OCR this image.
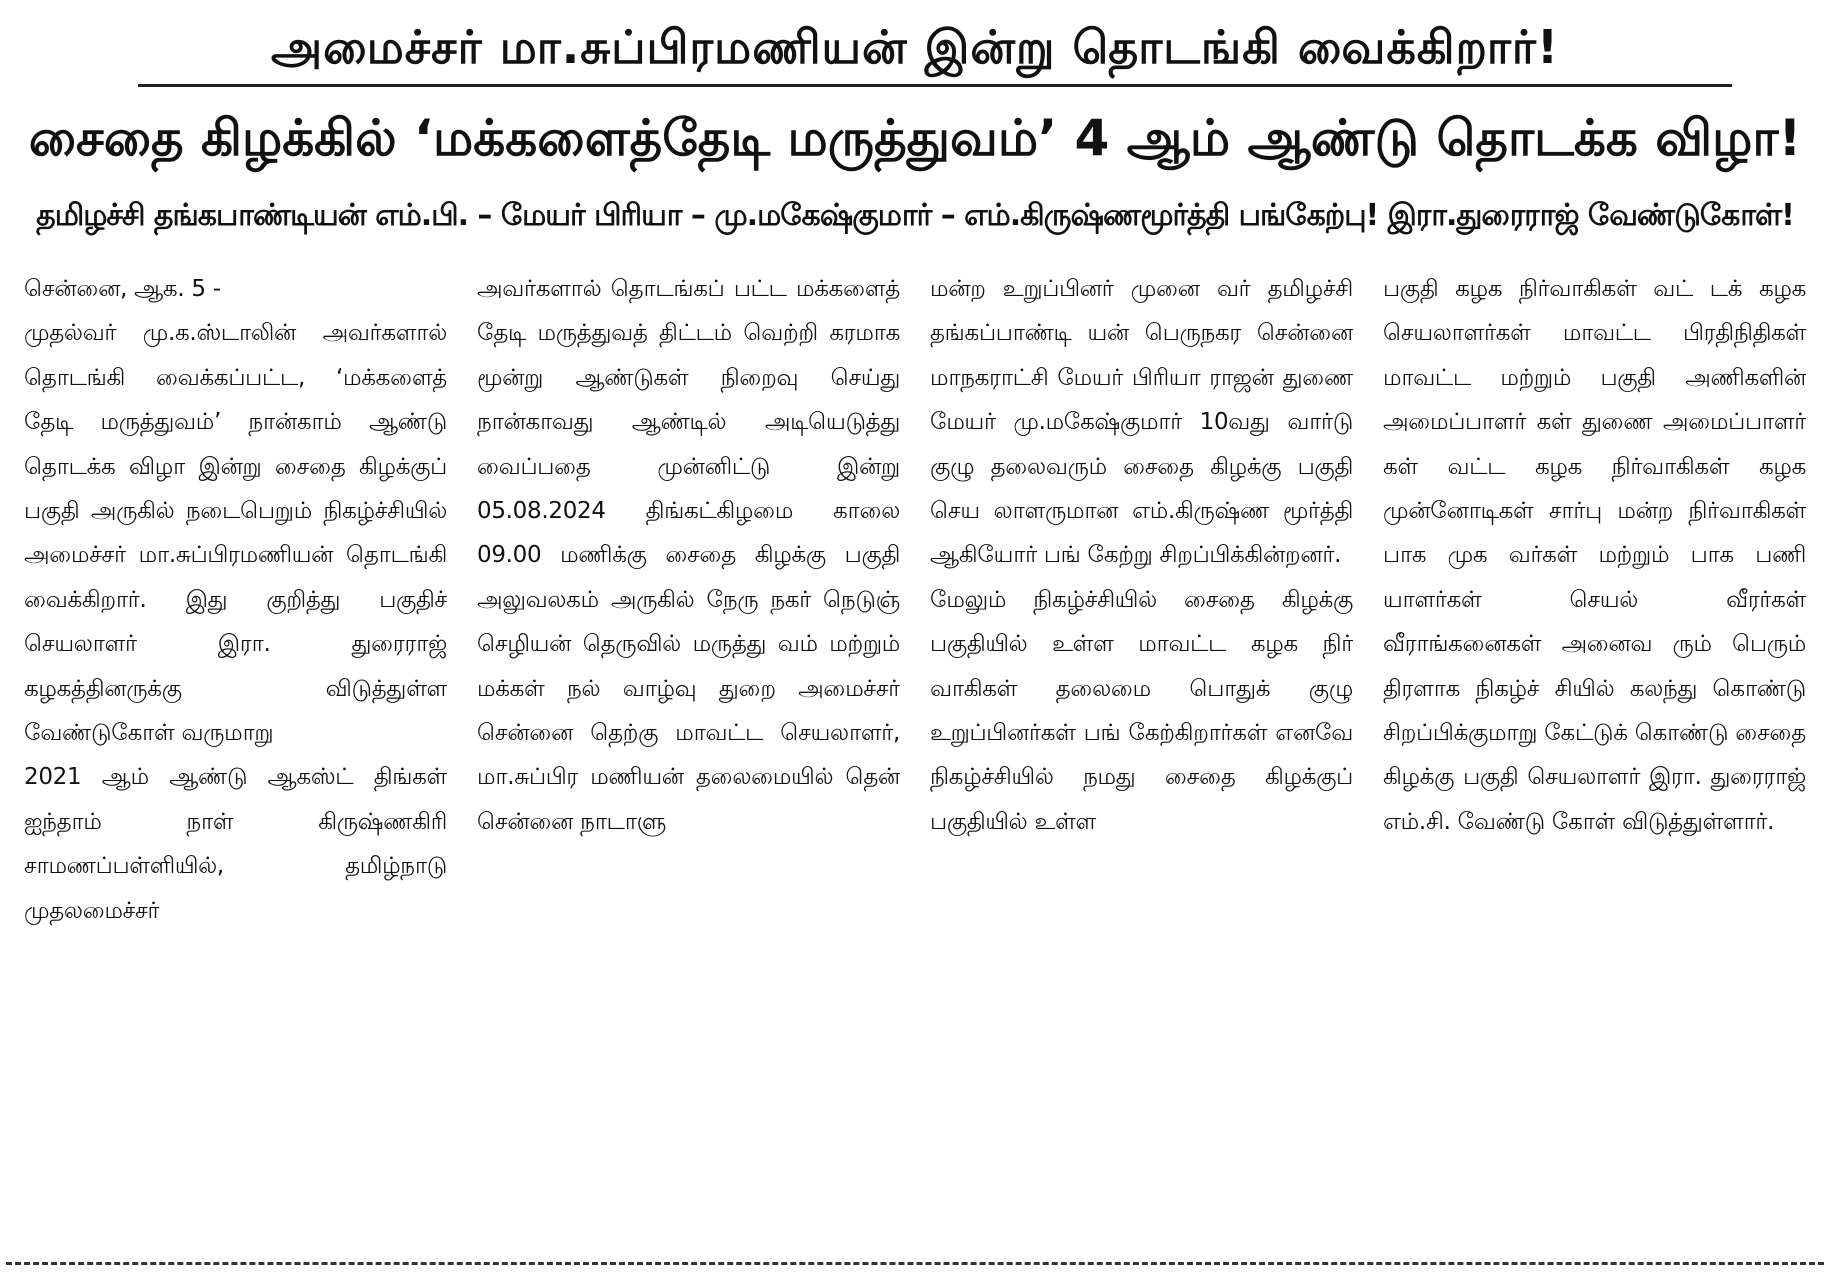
அமைச்சர் மா.சுப்பிரமணியன் இன்று தொடங்கி வைக்கிறார்!
சைதை கிழக்கில் ‘மக்களைத்தேடி மருத்துவம்’ 4 ஆம் ஆண்டு தொடக்க விழா!
தமிழச்சி தங்கபாண்டியன் எம்.பி. – மேயர் பிரியா – மு.மகேஷ்குமார் – எம்.கிருஷ்ணமூர்த்தி பங்கேற்பு! இரா.துரைராஜ் வேண்டுகோள்!
சென்னை, ஆக. 5 -
முதல்வர் மு.க.ஸ்டாலின் அவர்களால் தொடங்கி வைக்கப்பட்ட, ‘மக்களைத் தேடி மருத்துவம்’ நான்காம் ஆண்டு தொடக்க விழா இன்று சைதை கிழக்குப் பகுதி அருகில் நடைபெறும் நிகழ்ச்சியில் அமைச்சர் மா.சுப்பிரமணியன் தொடங்கி வைக்கிறார். இது குறித்து பகுதிச் செயலாளர் இரா. துரைராஜ் கழகத்தினருக்கு விடுத்துள்ள வேண்டுகோள் வருமாறு
2021 ஆம் ஆண்டு ஆகஸ்ட் திங்கள் ஐந்தாம் நாள் கிருஷ்ணகிரி சாமணப்பள்ளியில், தமிழ்நாடு முதலமைச்சர்
அவர்களால் தொடங்கப் பட்ட மக்களைத் தேடி மருத்துவத் திட்டம் வெற்றி கரமாக மூன்று ஆண்டுகள் நிறைவு செய்து நான்காவது ஆண்டில் அடியெடுத்து வைப்பதை முன்னிட்டு இன்று 05.08.2024 திங்கட்கிழமை காலை 09.00 மணிக்கு சைதை கிழக்கு பகுதி அலுவலகம் அருகில் நேரு நகர் நெடுஞ் செழியன் தெருவில் மருத்து வம் மற்றும் மக்கள் நல் வாழ்வு துறை அமைச்சர் சென்னை தெற்கு மாவட்ட செயலாளர், மா.சுப்பிர மணியன் தலைமையில் தென் சென்னை நாடாளு
மன்ற உறுப்பினர் முனை வர் தமிழச்சி தங்கப்பாண்டி யன் பெருநகர சென்னை மாநகராட்சி மேயர் பிரியா ராஜன் துணை மேயர் மு.மகேஷ்குமார் 10வது வார்டு குழு தலைவரும் சைதை கிழக்கு பகுதி செய லாளருமான எம்.கிருஷ்ண மூர்த்தி ஆகியோர் பங் கேற்று சிறப்பிக்கின்றனர்.
மேலும் நிகழ்ச்சியில் சைதை கிழக்கு பகுதியில் உள்ள மாவட்ட கழக நிர் வாகிகள் தலைமை பொதுக் குழு உறுப்பினர்கள் பங் கேற்கிறார்கள் எனவே நிகழ்ச்சியில் நமது சைதை கிழக்குப் பகுதியில் உள்ள
பகுதி கழக நிர்வாகிகள் வட் டக் கழக செயலாளர்கள் மாவட்ட பிரதிநிதிகள் மாவட்ட மற்றும் பகுதி அணிகளின் அமைப்பாளர் கள் துணை அமைப்பாளர் கள் வட்ட கழக நிர்வாகிகள் கழக முன்னோடிகள் சார்பு மன்ற நிர்வாகிகள் பாக முக வர்கள் மற்றும் பாக பணி யாளர்கள் செயல் வீரர்கள் வீராங்கனைகள் அனைவ ரும் பெரும் திரளாக நிகழ்ச் சியில் கலந்து கொண்டு சிறப்பிக்குமாறு கேட்டுக் கொண்டு சைதை கிழக்கு பகுதி செயலாளர் இரா. துரைராஜ் எம்.சி. வேண்டு கோள் விடுத்துள்ளார்.
